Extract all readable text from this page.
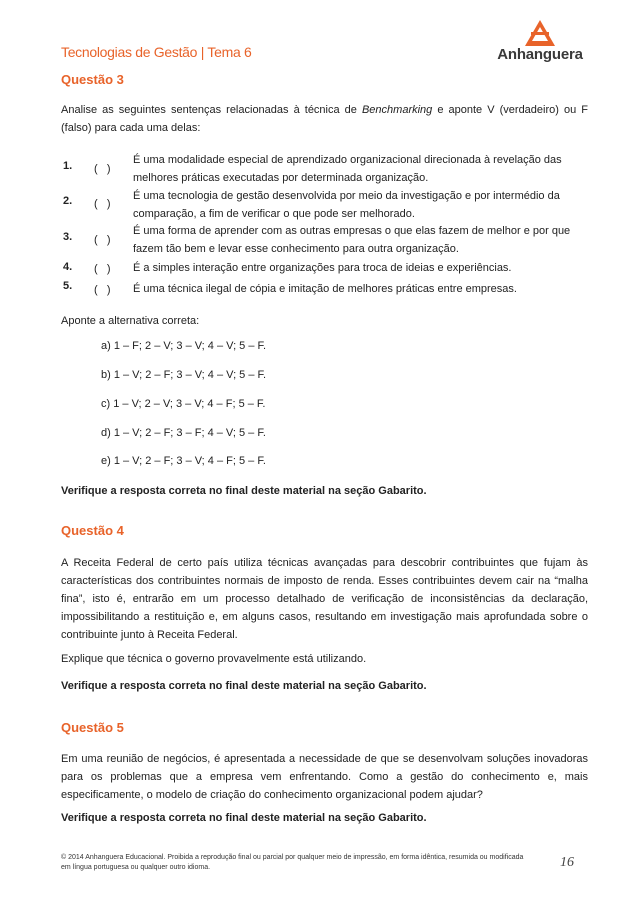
Tecnologias de Gestão | Tema 6	Anhanguera
Questão 3
Analise as seguintes sentenças relacionadas à técnica de Benchmarking e aponte V (verdadeiro) ou F (falso) para cada uma delas:
1. (   )
É uma modalidade especial de aprendizado organizacional direcionada à revelação das melhores práticas executadas por determinada organização.
2. (   )
É uma tecnologia de gestão desenvolvida por meio da investigação e por intermédio da comparação, a fim de verificar o que pode ser melhorado.
3. (   )
É uma forma de aprender com as outras empresas o que elas fazem de melhor e por que fazem tão bem e levar esse conhecimento para outra organização.
4. (   ) É a simples interação entre organizações para troca de ideias e experiências.
5. (   ) É uma técnica ilegal de cópia e imitação de melhores práticas entre empresas.
Aponte a alternativa correta:
a) 1 – F; 2 – V; 3 – V; 4 – V; 5 – F.
b) 1 – V; 2 – F; 3 – V; 4 – V; 5 – F.
c) 1 – V; 2 – V; 3 – V; 4 – F; 5 – F.
d) 1 – V; 2 – F; 3 – F; 4 – V; 5 – F.
e) 1 – V; 2 – F; 3 – V; 4 – F; 5 – F.
Verifique a resposta correta no final deste material na seção Gabarito.
Questão 4
A Receita Federal de certo país utiliza técnicas avançadas para descobrir contribuintes que fujam às características dos contribuintes normais de imposto de renda. Esses contribuintes devem cair na “malha fina”, isto é, entrarão em um processo detalhado de verificação de inconsistências da declaração, impossibilitando a restituição e, em alguns casos, resultando em investigação mais aprofundada sobre o contribuinte junto à Receita Federal.
Explique que técnica o governo provavelmente está utilizando.
Verifique a resposta correta no final deste material na seção Gabarito.
Questão 5
Em uma reunião de negócios, é apresentada a necessidade de que se desenvolvam soluções inovadoras para os problemas que a empresa vem enfrentando. Como a gestão do conhecimento e, mais especificamente, o modelo de criação do conhecimento organizacional podem ajudar?
Verifique a resposta correta no final deste material na seção Gabarito.
© 2014 Anhanguera Educacional. Proibida a reprodução final ou parcial por qualquer meio de impressão, em forma idêntica, resumida ou modificada em língua portuguesa ou qualquer outro idioma.	16
